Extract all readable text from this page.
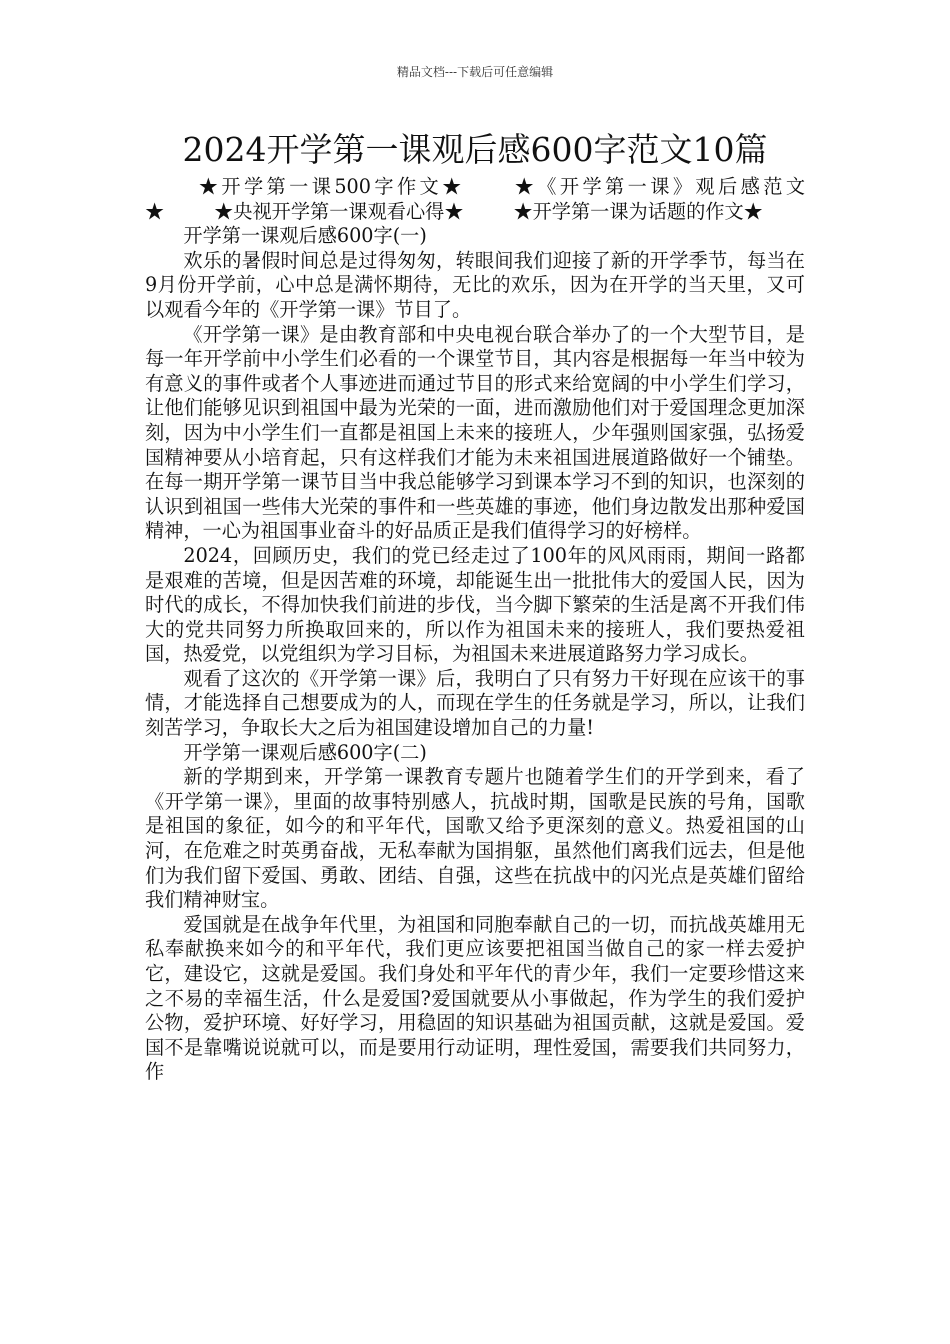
精品文档---下载后可任意编辑
2024开学第一课观后感600字范文10篇

★开学第一课500字作文★	★《开学第一课》观后感范文★	★央视开学第一课观看心得★	★开学第一课为话题的作文★

开学第一课观后感600字(一)

欢乐的暑假时间总是过得匆匆，转眼间我们迎接了新的开学季节，每当在9月份开学前，心中总是满怀期待，无比的欢乐，因为在开学的当天里，又可以观看今年的《开学第一课》节目了。

《开学第一课》是由教育部和中央电视台联合举办了的一个大型节目，是每一年开学前中小学生们必看的一个课堂节目，其内容是根据每一年当中较为有意义的事件或者个人事迹进而通过节目的形式来给宽阔的中小学生们学习，让他们能够见识到祖国中最为光荣的一面，进而激励他们对于爱国理念更加深刻，因为中小学生们一直都是祖国上未来的接班人，少年强则国家强，弘扬爱国精神要从小培育起，只有这样我们才能为未来祖国进展道路做好一个铺垫。在每一期开学第一课节目当中我总能够学习到课本学习不到的知识，也深刻的认识到祖国一些伟大光荣的事件和一些英雄的事迹，他们身边散发出那种爱国精神，一心为祖国事业奋斗的好品质正是我们值得学习的好榜样。

2024，回顾历史，我们的党已经走过了100年的风风雨雨，期间一路都是艰难的苦境，但是因苦难的环境，却能诞生出一批批伟大的爱国人民，因为时代的成长，不得加快我们前进的步伐，当今脚下繁荣的生活是离不开我们伟大的党共同努力所换取回来的，所以作为祖国未来的接班人，我们要热爱祖国，热爱党，以党组织为学习目标，为祖国未来进展道路努力学习成长。

观看了这次的《开学第一课》后，我明白了只有努力干好现在应该干的事情，才能选择自己想要成为的人，而现在学生的任务就是学习，所以，让我们刻苦学习，争取长大之后为祖国建设增加自己的力量!

开学第一课观后感600字(二)

新的学期到来，开学第一课教育专题片也随着学生们的开学到来，看了《开学第一课》，里面的故事特别感人，抗战时期，国歌是民族的号角，国歌是祖国的象征，如今的和平年代，国歌又给予更深刻的意义。热爱祖国的山河，在危难之时英勇奋战，无私奉献为国捐躯，虽然他们离我们远去，但是他们为我们留下爱国、勇敢、团结、自强，这些在抗战中的闪光点是英雄们留给我们精神财宝。

爱国就是在战争年代里，为祖国和同胞奉献自己的一切，而抗战英雄用无私奉献换来如今的和平年代，我们更应该要把祖国当做自己的家一样去爱护它，建设它，这就是爱国。我们身处和平年代的青少年，我们一定要珍惜这来之不易的幸福生活，什么是爱国?爱国就要从小事做起，作为学生的我们爱护公物，爱护环境、好好学习，用稳固的知识基础为祖国贡献，这就是爱国。爱国不是靠嘴说说就可以，而是要用行动证明，理性爱国，需要我们共同努力，作
